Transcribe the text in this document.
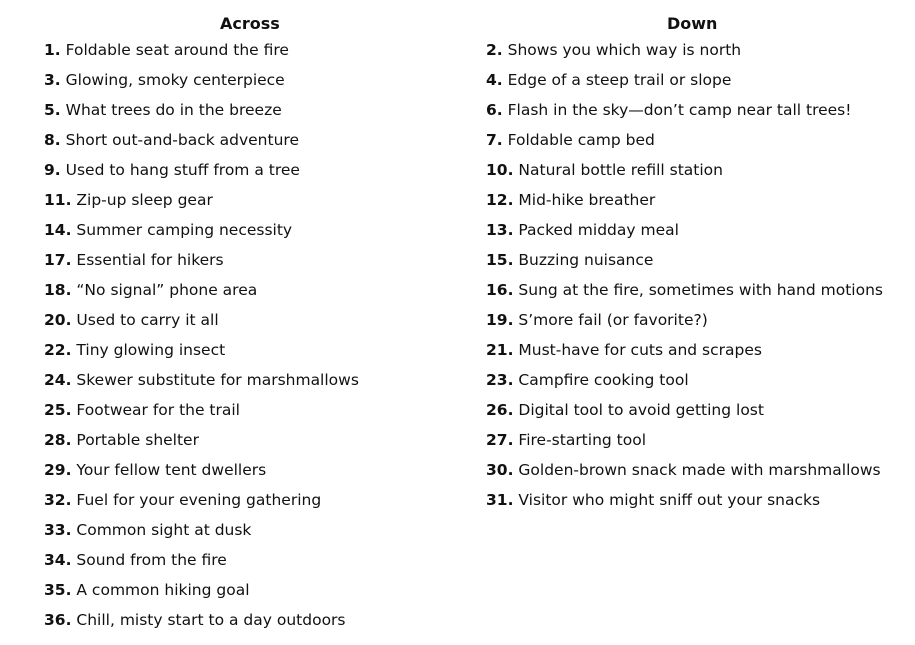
Across
1. Foldable seat around the fire
3. Glowing, smoky centerpiece
5. What trees do in the breeze
8. Short out-and-back adventure
9. Used to hang stuff from a tree
11. Zip-up sleep gear
14. Summer camping necessity
17. Essential for hikers
18. “No signal” phone area
20. Used to carry it all
22. Tiny glowing insect
24. Skewer substitute for marshmallows
25. Footwear for the trail
28. Portable shelter
29. Your fellow tent dwellers
32. Fuel for your evening gathering
33. Common sight at dusk
34. Sound from the fire
35. A common hiking goal
36. Chill, misty start to a day outdoors
Down
2. Shows you which way is north
4. Edge of a steep trail or slope
6. Flash in the sky—don’t camp near tall trees!
7. Foldable camp bed
10. Natural bottle refill station
12. Mid-hike breather
13. Packed midday meal
15. Buzzing nuisance
16. Sung at the fire, sometimes with hand motions
19. S’more fail (or favorite?)
21. Must-have for cuts and scrapes
23. Campfire cooking tool
26. Digital tool to avoid getting lost
27. Fire-starting tool
30. Golden-brown snack made with marshmallows
31. Visitor who might sniff out your snacks
